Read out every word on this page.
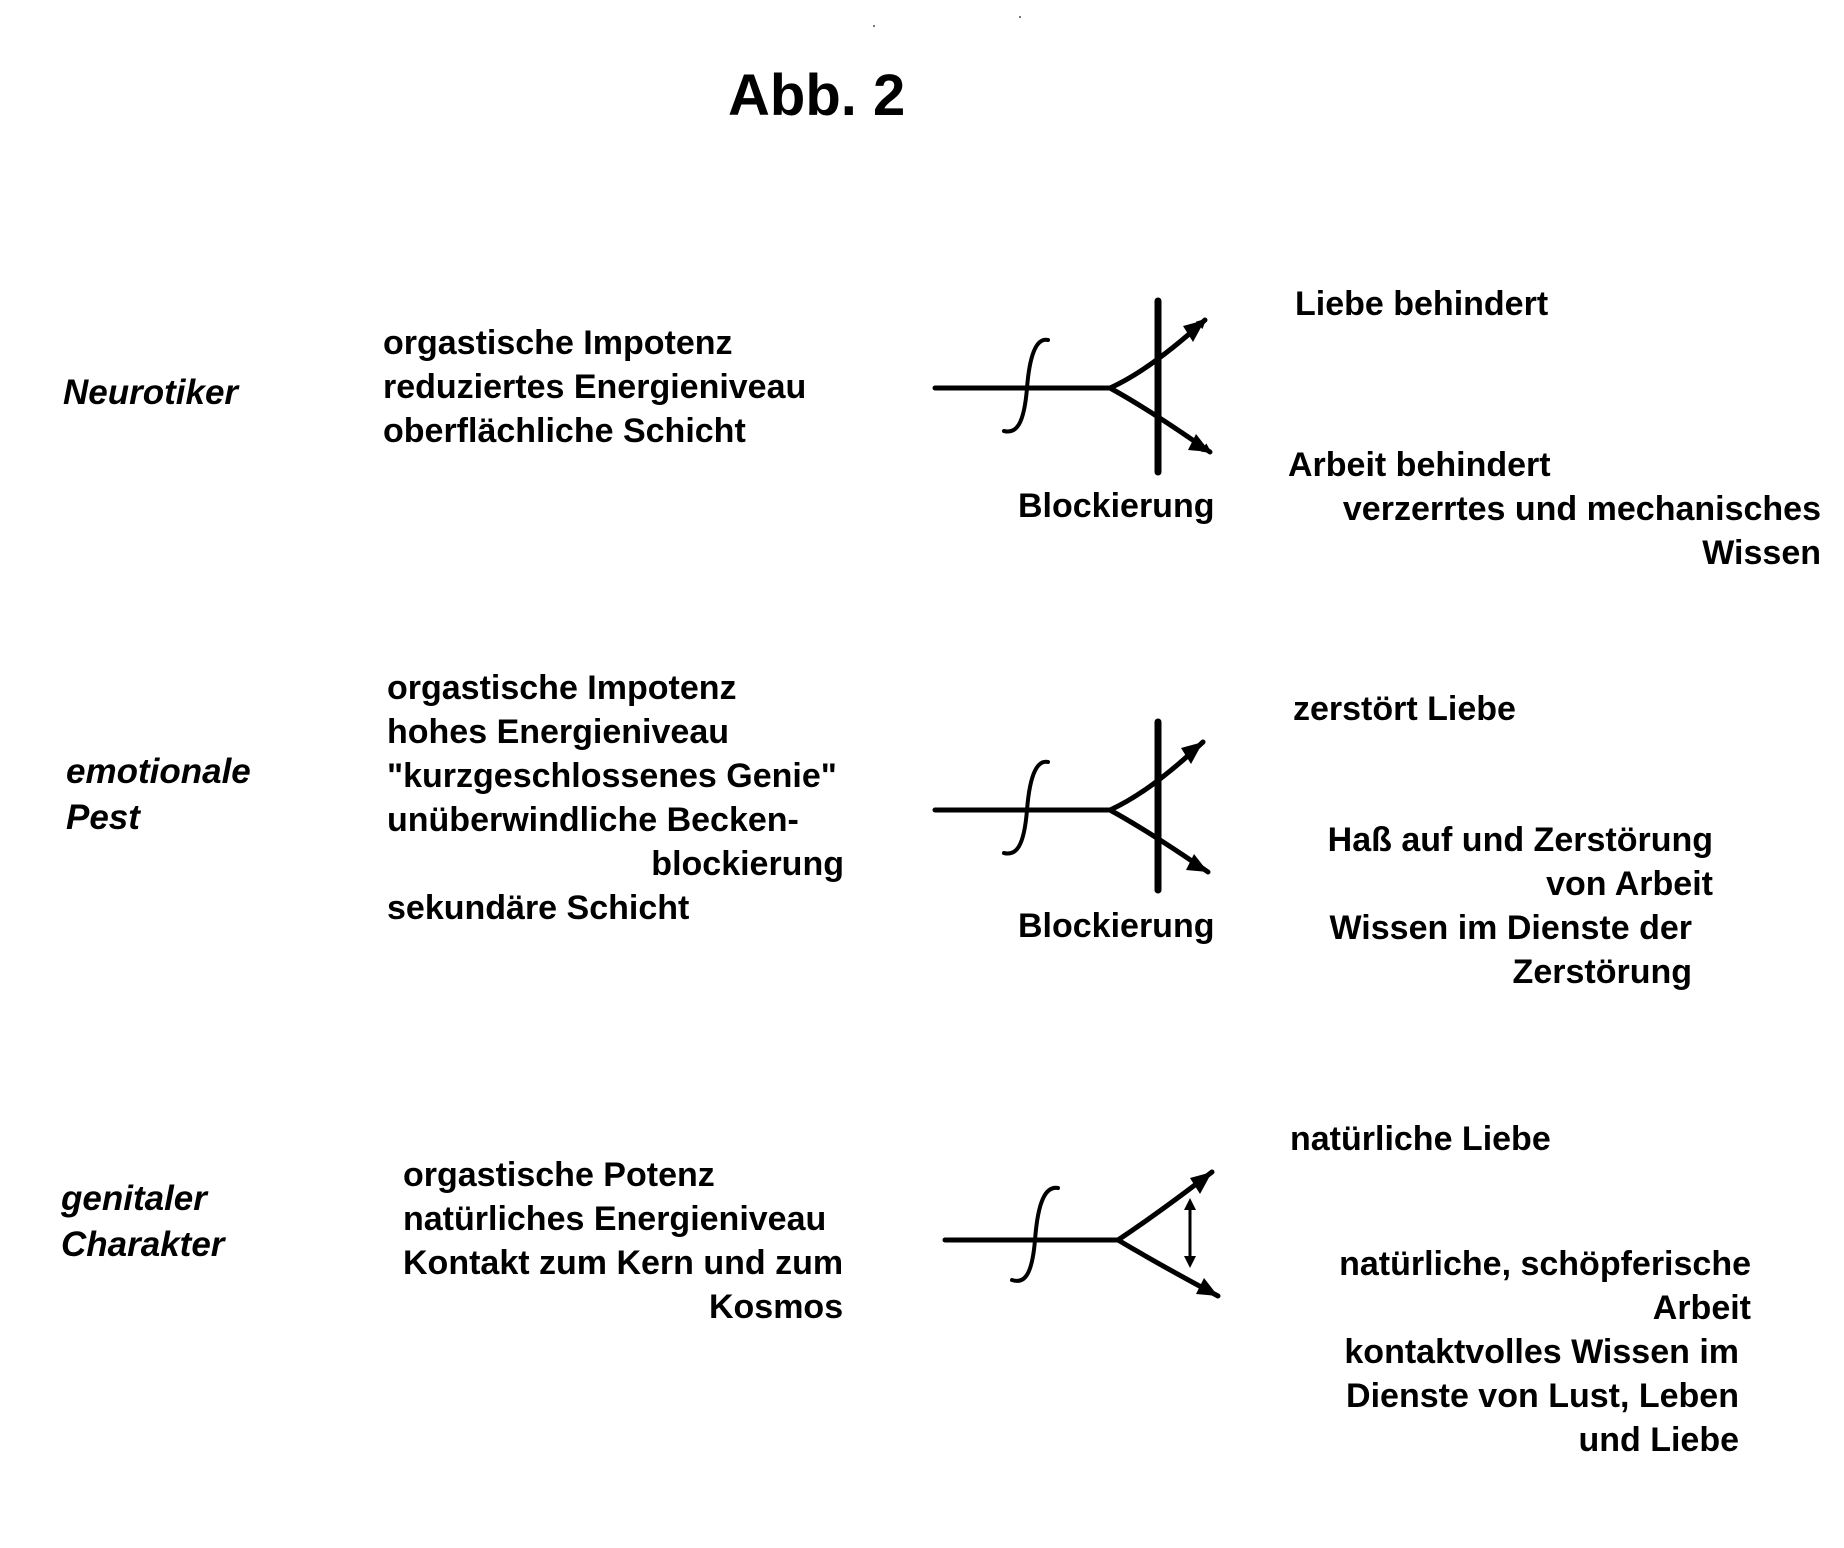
Abb. 2
Neurotiker
orgastische Impotenz
reduziertes Energieniveau
oberflächliche Schicht
Blockierung
Liebe behindert
Arbeit behindert
verzerrtes und mechanisches
Wissen
emotionale
Pest
orgastische Impotenz
hohes Energieniveau
"kurzgeschlossenes Genie"
unüberwindliche Becken-
blockierung
sekundäre Schicht	Blockierung
zerstört Liebe
Haß auf und Zerstörung
von Arbeit
Wissen im Dienste der
Zerstörung
genitaler
Charakter
orgastische Potenz
natürliches Energieniveau
Kontakt zum Kern und zum
Kosmos
natürliche Liebe
natürliche, schöpferische
Arbeit
kontaktvolles Wissen im
Dienste von Lust, Leben
und Liebe
